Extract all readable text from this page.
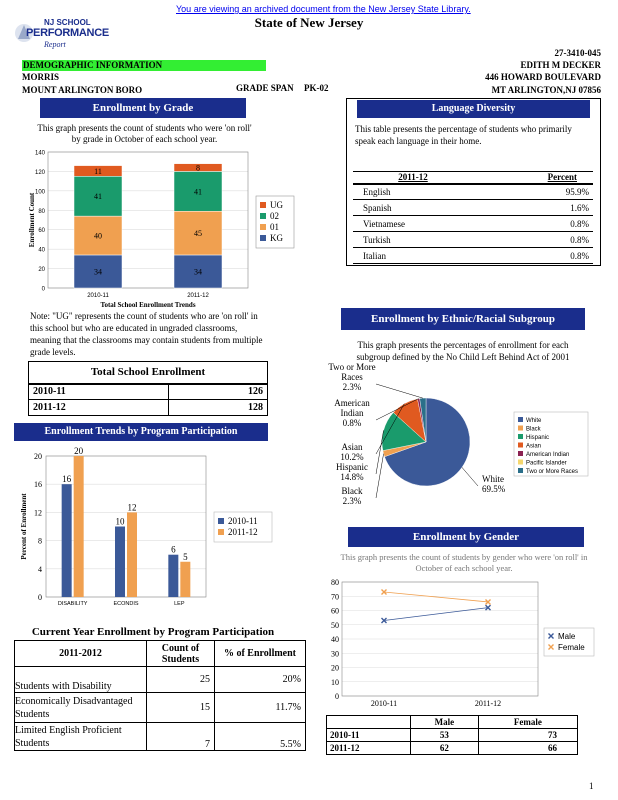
You are viewing an archived document from the New Jersey State Library.
State of New Jersey
NJ SCHOOL
PERFORMANCE
Report
27-3410-045
DEMOGRAPHIC INFORMATION	EDITH M DECKER
MORRIS	446 HOWARD BOULEVARD
MOUNT ARLINGTON BORO	GRADE SPAN PK-02	MT ARLINGTON,NJ 07856
Enrollment by Grade
This graph presents the count of students who were 'on roll' by grade in October of each school year.
0
20
40
60
80
100
120
140
34
40
41
11
2010-11
34
45
41
8
2011-12
Enrollment Count
Total School Enrollment Trends
UG
02
01
KG
Note: "UG" represents the count of students who are 'on roll' in this school but who are educated in ungraded classrooms, meaning that the classrooms may contain students from multiple grade levels.
Total School Enrollment	
2010-11	126
2011-12	128
Enrollment Trends by Program Participation
0
4
8
12
16
20
16
20
DISABILITY
10
12
ECONDIS
6
5
LEP
Percent of Enrollment	2010-11
2011-12
Current Year Enrollment by Program Participation
2011-2012	Count of Students	% of Enrollment
Students with Disability	25	20%
Economically Disadvantaged Students	15	11.7%
Limited English Proficient Students	7	5.5%
Language Diversity
This table presents the percentage of students who primarily speak each language in their home.
2011-12	Percent
English	95.9%
Spanish	1.6%
Vietnamese	0.8%
Turkish	0.8%
Italian	0.8%
Enrollment by Ethnic/Racial Subgroup
This graph presents the percentages of enrollment for each subgroup defined by the No Child Left Behind Act of 2001
White
69.5%
Black
2.3%
Hispanic
14.8%
Asian
10.2%
American
Indian
0.8%
Two or More
Races
2.3%
White
Black
Hispanic
Asian
American Indian
Pacific Islander
Two or More Races
Enrollment by Gender
This graph presents the count of students by gender who were 'on roll' in October of each school year.
0
10
20
30
40
50
60
70
80
2010-11	2011-12
Male
Female
	Male	Female
2010-11	53	73
2011-12	62	66
1
